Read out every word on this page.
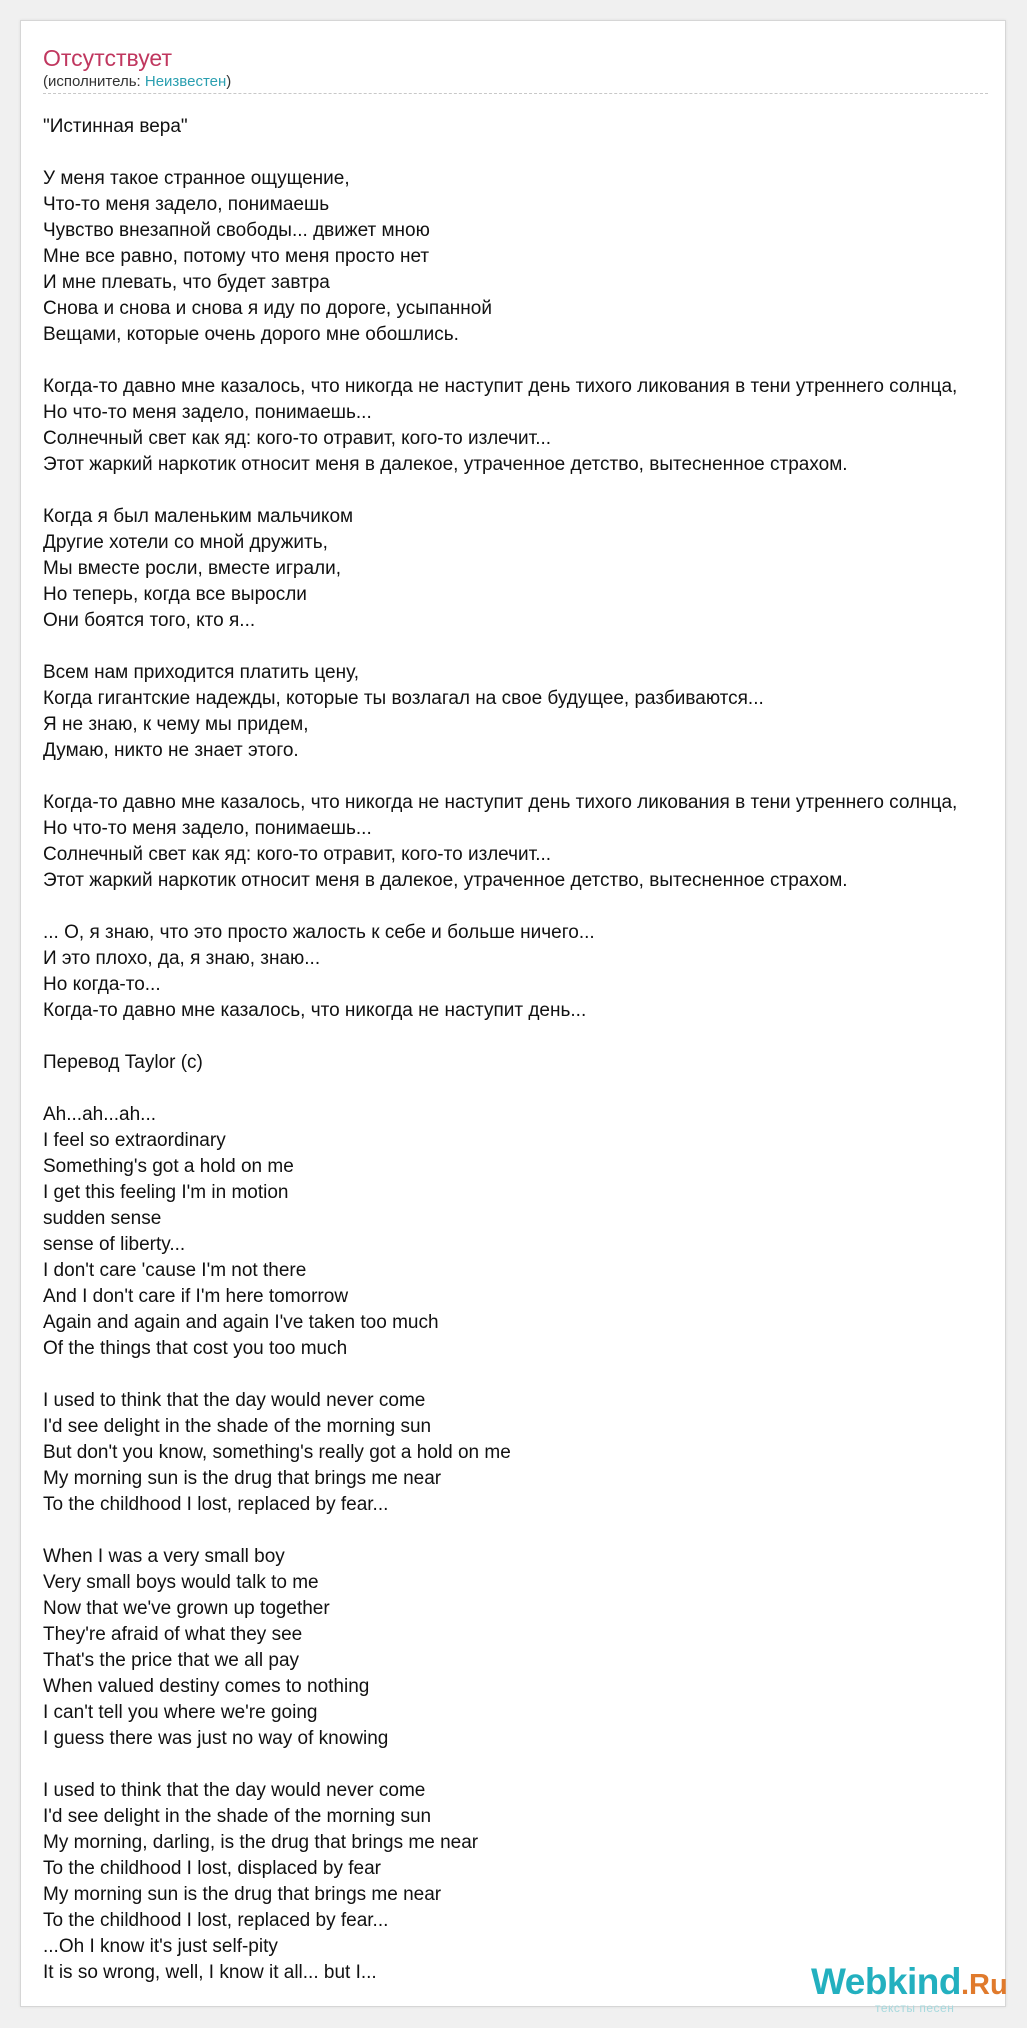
Отсутствует
(исполнитель: Неизвестен)
"Истинная вера"

У меня такое странное ощущение,
Что-то меня задело, понимаешь
Чувство внезапной свободы... движет мною
Мне все равно, потому что меня просто нет
И мне плевать, что будет завтра
Снова и снова и снова я иду по дороге, усыпанной
Вещами, которые очень дорого мне обошлись.

Когда-то давно мне казалось, что никогда не наступит день тихого ликования в тени утреннего солнца,
Но что-то меня задело, понимаешь...
Солнечный свет как яд: кого-то отравит, кого-то излечит...
Этот жаркий наркотик относит меня в далекое, утраченное детство, вытесненное страхом.

Когда я был маленьким мальчиком
Другие хотели со мной дружить,
Мы вместе росли, вместе играли,
Но теперь, когда все выросли
Они боятся того, кто я...

Всем нам приходится платить цену,
Когда гигантские надежды, которые ты возлагал на свое будущее, разбиваются...
Я не знаю, к чему мы придем,
Думаю, никто не знает этого.

Когда-то давно мне казалось, что никогда не наступит день тихого ликования в тени утреннего солнца,
Но что-то меня задело, понимаешь...
Солнечный свет как яд: кого-то отравит, кого-то излечит...
Этот жаркий наркотик относит меня в далекое, утраченное детство, вытесненное страхом.

... О, я знаю, что это просто жалость к себе и больше ничего...
И это плохо, да, я знаю, знаю...
Но когда-то...
Когда-то давно мне казалось, что никогда не наступит день...

Перевод Taylor (c)

Ah...ah...ah...
I feel so extraordinary
Something's got a hold on me
I get this feeling I'm in motion
sudden sense
sense of liberty...
I don't care 'cause I'm not there
And I don't care if I'm here tomorrow
Again and again and again I've taken too much
Of the things that cost you too much

I used to think that the day would never come
I'd see delight in the shade of the morning sun
But don't you know, something's really got a hold on me
My morning sun is the drug that brings me near
To the childhood I lost, replaced by fear...

When I was a very small boy
Very small boys would talk to me
Now that we've grown up together
They're afraid of what they see
That's the price that we all pay
When valued destiny comes to nothing
I can't tell you where we're going
I guess there was just no way of knowing

I used to think that the day would never come
I'd see delight in the shade of the morning sun
My morning, darling, is the drug that brings me near
To the childhood I lost, displaced by fear
My morning sun is the drug that brings me near
To the childhood I lost, replaced by fear...
...Oh I know it's just self-pity
It is so wrong, well, I know it all... but I...	Webkind.Ru
тексты песен
